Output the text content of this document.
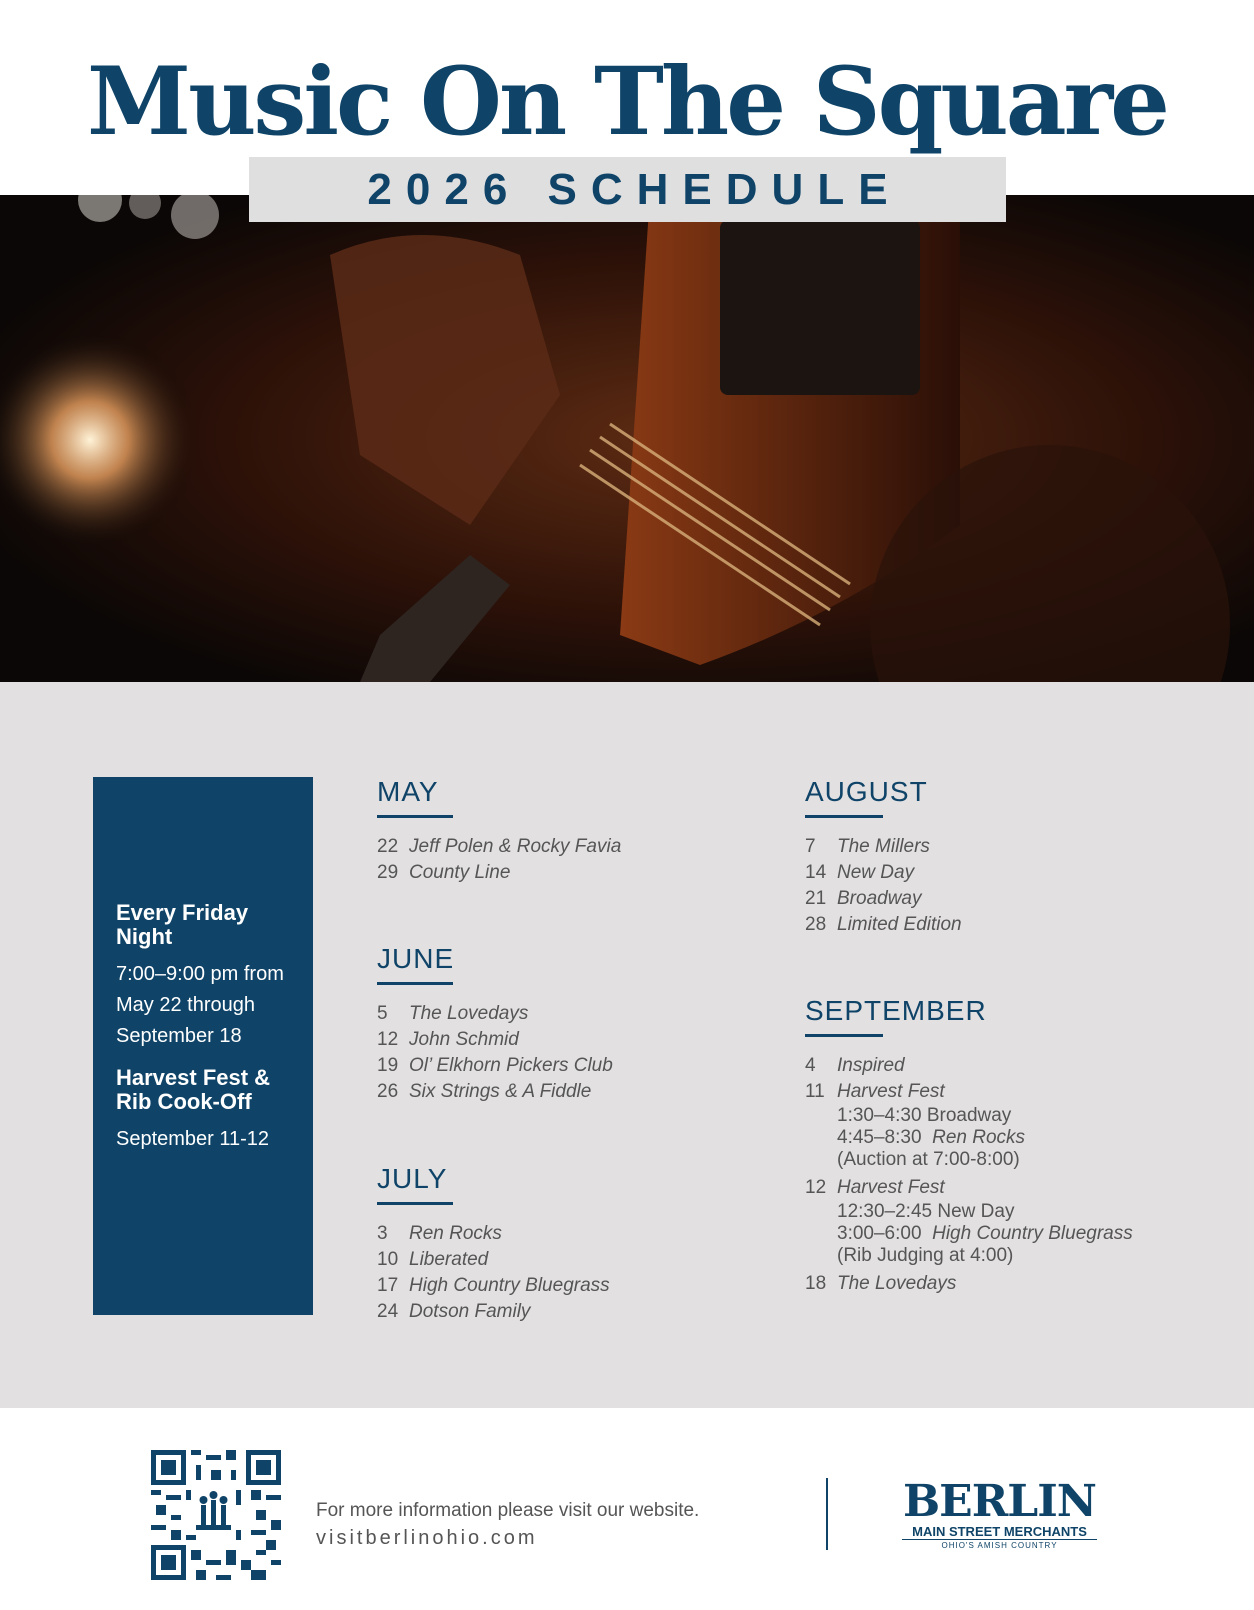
Music On The Square
2026 SCHEDULE
Every Friday Night
7:00–9:00 pm from May 22 through September 18
Harvest Fest & Rib Cook-Off
September 11-12
MAY
22 Jeff Polen & Rocky Favia
29 County Line
JUNE
5 The Lovedays
12 John Schmid
19 Ol’ Elkhorn Pickers Club
26 Six Strings & A Fiddle
JULY
3 Ren Rocks
10 Liberated
17 High Country Bluegrass
24 Dotson Family
AUGUST
7 The Millers
14 New Day
21 Broadway
28 Limited Edition
SEPTEMBER
4 Inspired
11 Harvest Fest
1:30–4:30 Broadway
4:45–8:30 Ren Rocks
(Auction at 7:00-8:00)
12 Harvest Fest
12:30–2:45 New Day
3:00–6:00 High Country Bluegrass
(Rib Judging at 4:00)
18 The Lovedays
For more information please visit our website.
visitberlinohio.com
BERLIN
MAIN STREET MERCHANTS
OHIO'S AMISH COUNTRY
